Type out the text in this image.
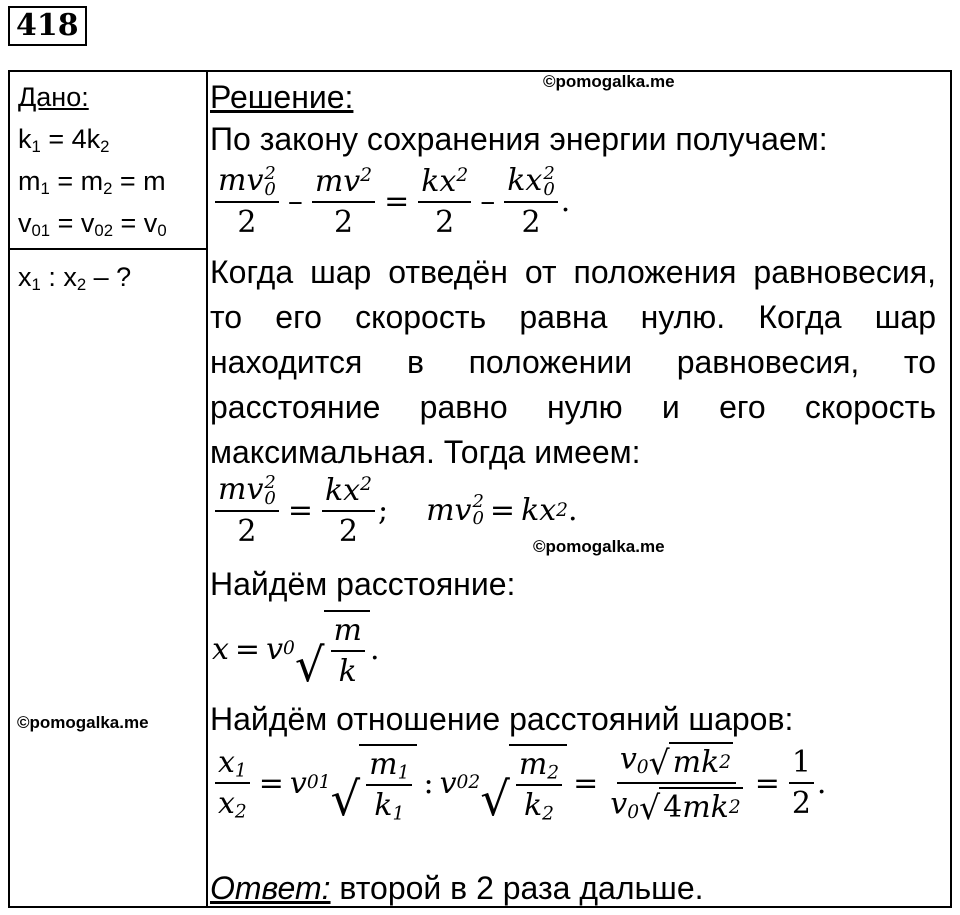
418
Дано:
$k_1 = 4k_2$
$m_1 = m_2 = m$
$v_{01} = v_{02} = v_0$
$x_1$ : $x_2$ – ?
©pomogalka.me
©pomogalka.me
©pomogalka.me
Решение:
По закону сохранения энергии получаем:
mv 2
0
$2 - \frac{mv^2}{2} = \frac{kx^2}{2}$ – kx 2
0
2 .
Когда шар отведён от положения равновесия,
то его скорость равна нулю. Когда шар
находится в положении равновесия, то
расстояние равно нулю и его скорость
максимальная. Тогда имеем:
mv 2
0
$2 = \frac{kx^2}{2}$ ; mv 2
0 = kx 2 .
Найдём расстояние:
x = v 0 √ $\frac{m}{k}$ .
Найдём отношение расстояний шаров:
$\frac{x_1}{x_2} = v$ 01 √ $\frac{m_1}{k_1}$ : v 02 √ $\frac{m_2}{k_2} = \frac{v_0 √ m k 2}{v_0 √ 4 m k 2} = \frac{1}{2}$ .
Ответ: второй в 2 раза дальше.
